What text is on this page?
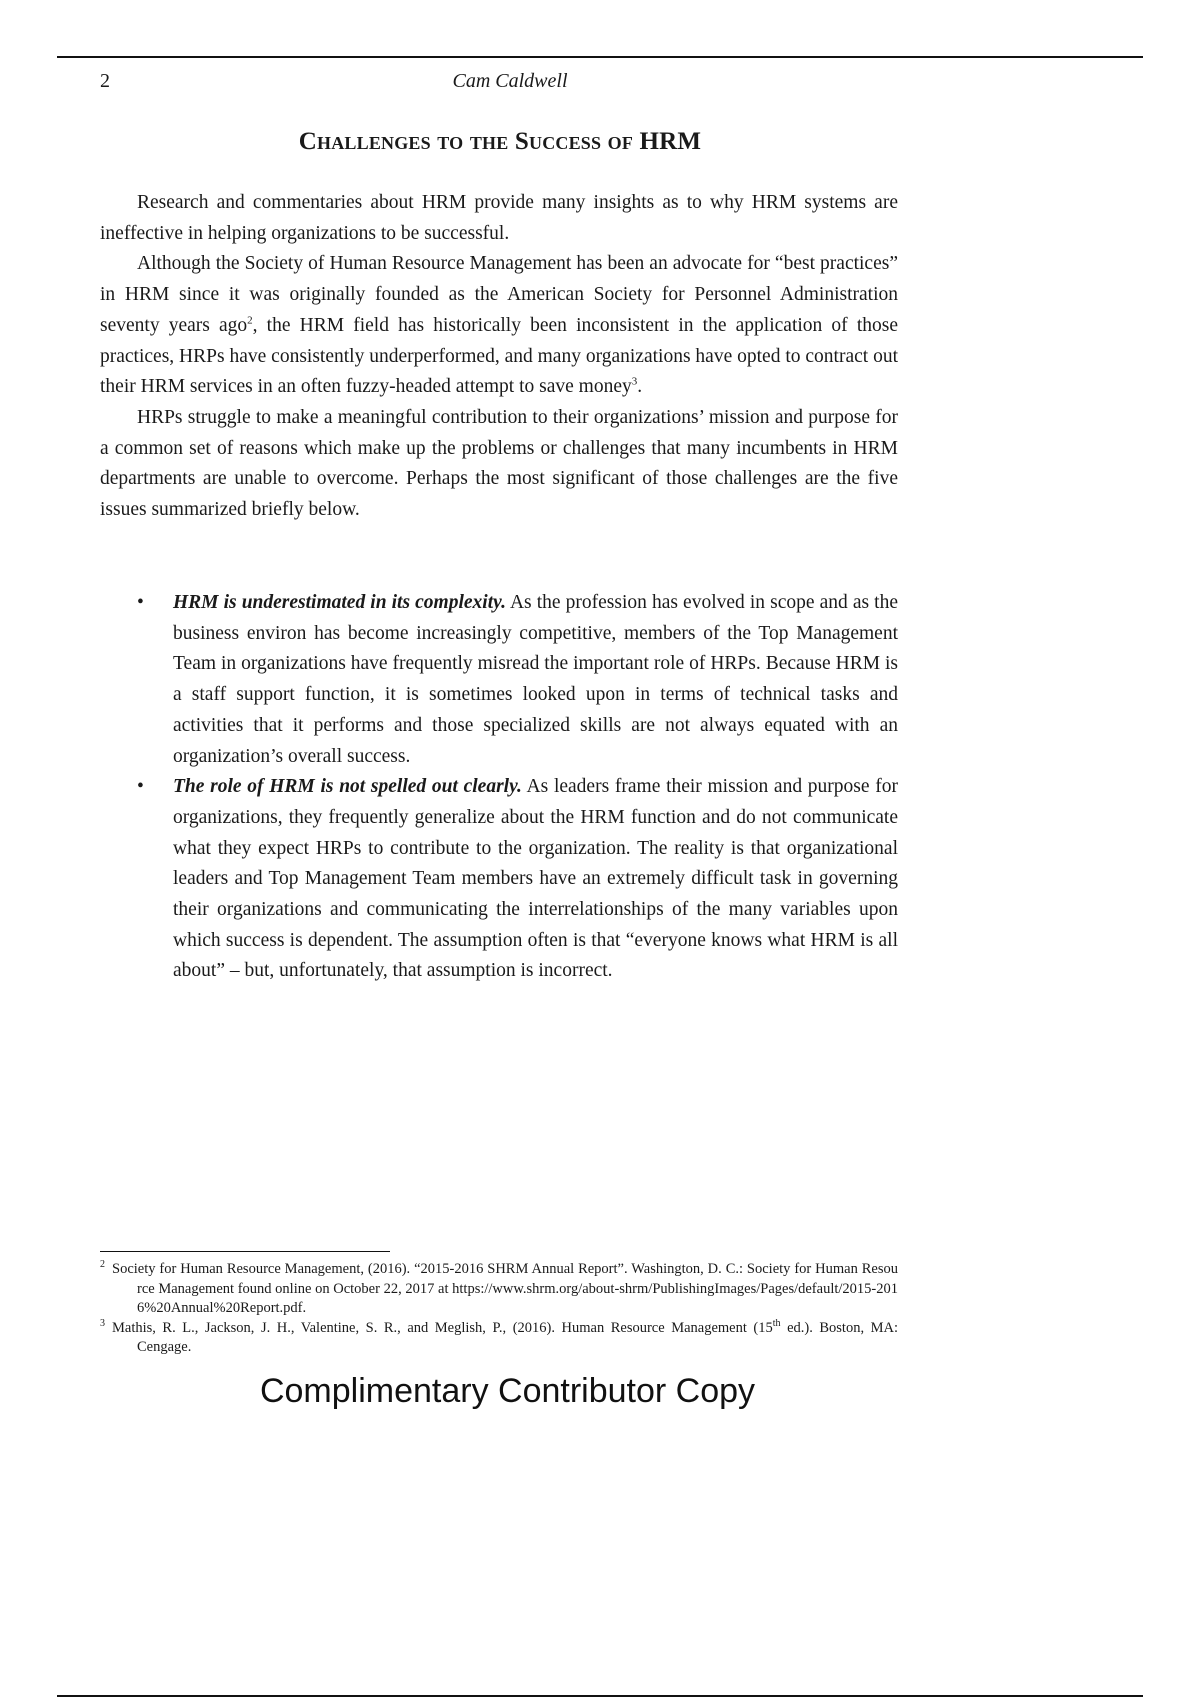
2	Cam Caldwell
Challenges to the Success of HRM

Research and commentaries about HRM provide many insights as to why HRM systems are ineffective in helping organizations to be successful.

Although the Society of Human Resource Management has been an advocate for “best practices” in HRM since it was originally founded as the American Society for Personnel Administration seventy years ago$^2$, the HRM field has historically been inconsistent in the application of those practices, HRPs have consistently underperformed, and many organizations have opted to contract out their HRM services in an often fuzzy-headed attempt to save money$^3$.

HRPs struggle to make a meaningful contribution to their organizations’ mission and purpose for a common set of reasons which make up the problems or challenges that many incumbents in HRM departments are unable to overcome. Perhaps the most significant of those challenges are the five issues summarized briefly below.

• HRM is underestimated in its complexity. As the profession has evolved in scope and as the business environ has become increasingly competitive, members of the Top Management Team in organizations have frequently misread the important role of HRPs. Because HRM is a staff support function, it is sometimes looked upon in terms of technical tasks and activities that it performs and those specialized skills are not always equated with an organization’s overall success.
• The role of HRM is not spelled out clearly. As leaders frame their mission and purpose for organizations, they frequently generalize about the HRM function and do not communicate what they expect HRPs to contribute to the organization. The reality is that organizational leaders and Top Management Team members have an extremely difficult task in governing their organizations and communicating the interrelationships of the many variables upon which success is dependent. The assumption often is that “everyone knows what HRM is all about” – but, unfortunately, that assumption is incorrect.

2 Society for Human Resource Management, (2016). “2015-2016 SHRM Annual Report”. Washington, D. C.: Society for Human Resource Management found online on October 22, 2017 at https://www.shrm.org/about-shrm/PublishingImages/Pages/default/2015-2016%20Annual%20Report.pdf.

3 Mathis, R. L., Jackson, J. H., Valentine, S. R., and Meglish, P., (2016). Human Resource Management (15th ed.). Boston, MA: Cengage.

Complimentary Contributor Copy
